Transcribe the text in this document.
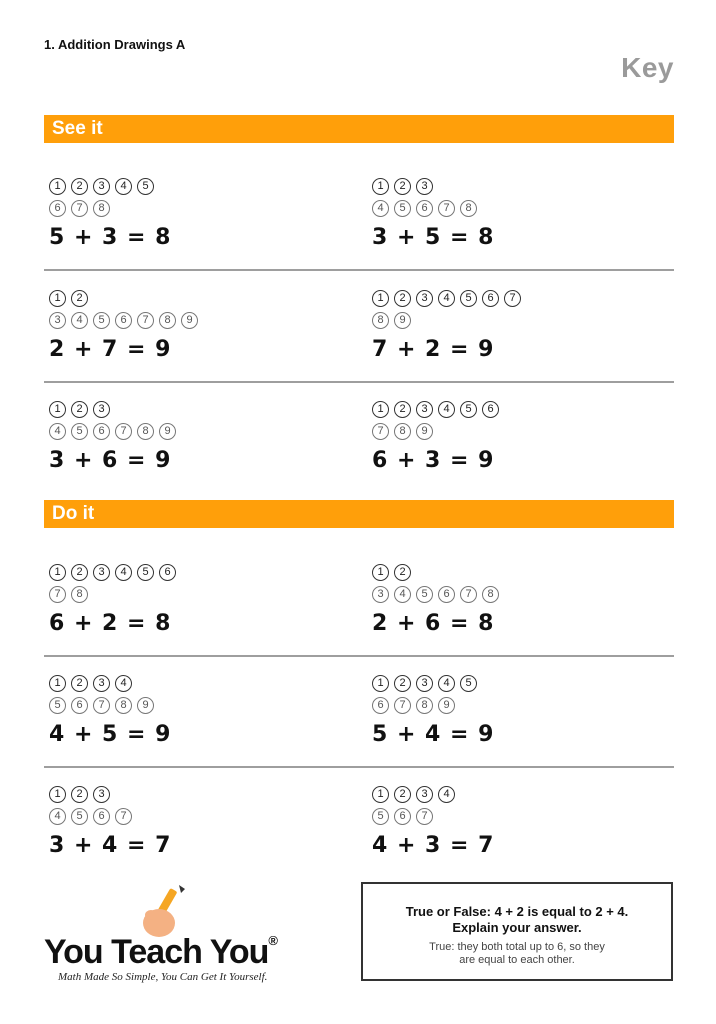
1. Addition Drawings A
Key
See it
Do it
1	2	3	4	5
6	7	8
5 + 3 = 8
1	2	3
4	5	6	7	8
3 + 5 = 8
1	2
3	4	5	6	7	8	9
2 + 7 = 9
1	2	3	4	5	6	7
8	9
7 + 2 = 9
1	2	3
4	5	6	7	8	9
3 + 6 = 9
1	2	3	4	5	6
7	8	9
6 + 3 = 9
1	2	3	4	5	6
7	8
6 + 2 = 8
1	2
3	4	5	6	7	8
2 + 6 = 8
1	2	3	4
5	6	7	8	9
4 + 5 = 9
1	2	3	4	5
6	7	8	9
5 + 4 = 9
1	2	3
4	5	6	7
3 + 4 = 7
1	2	3	4
5	6	7
4 + 3 = 7
You Teach You®
Math Made So Simple, You Can Get It Yourself.
True or False: 4 + 2 is equal to 2 + 4.
Explain your answer.
True: they both total up to 6, so they
are equal to each other.
